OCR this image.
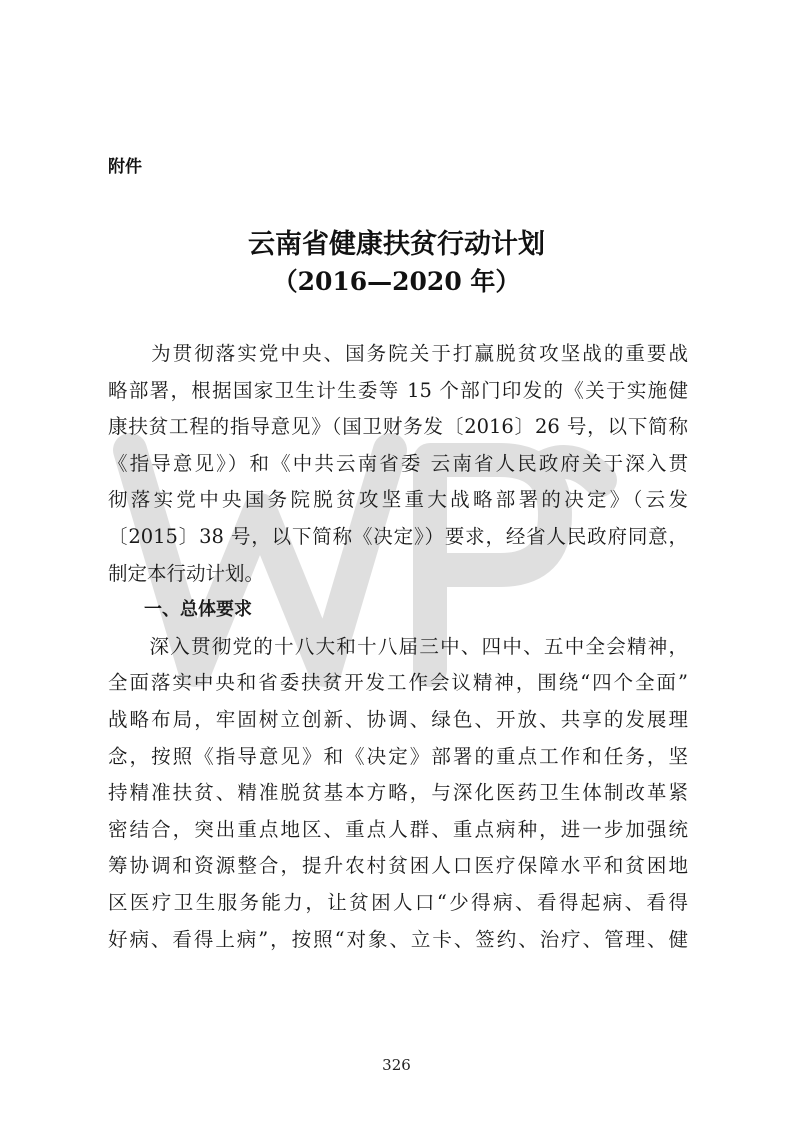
附件
云南省健康扶贫行动计划
（2016—2020 年）
　　为贯彻落实党中央、国务院关于打赢脱贫攻坚战的重要战
略部署，根据国家卫生计生委等 15 个部门印发的《关于实施健
康扶贫工程的指导意见》（国卫财务发〔2016〕26 号，以下简称
《指导意见》）和《中共云南省委 云南省人民政府关于深入贯
彻落实党中央国务院脱贫攻坚重大战略部署的决定》（云发
〔2015〕38 号，以下简称《决定》）要求，经省人民政府同意，
制定本行动计划。
　　一、总体要求
　　深入贯彻党的十八大和十八届三中、四中、五中全会精神，
全面落实中央和省委扶贫开发工作会议精神，围绕“四个全面”
战略布局，牢固树立创新、协调、绿色、开放、共享的发展理
念，按照《指导意见》和《决定》部署的重点工作和任务，坚
持精准扶贫、精准脱贫基本方略，与深化医药卫生体制改革紧
密结合，突出重点地区、重点人群、重点病种，进一步加强统
筹协调和资源整合，提升农村贫困人口医疗保障水平和贫困地
区医疗卫生服务能力，让贫困人口“少得病、看得起病、看得
好病、看得上病”，按照“对象、立卡、签约、治疗、管理、健
326
